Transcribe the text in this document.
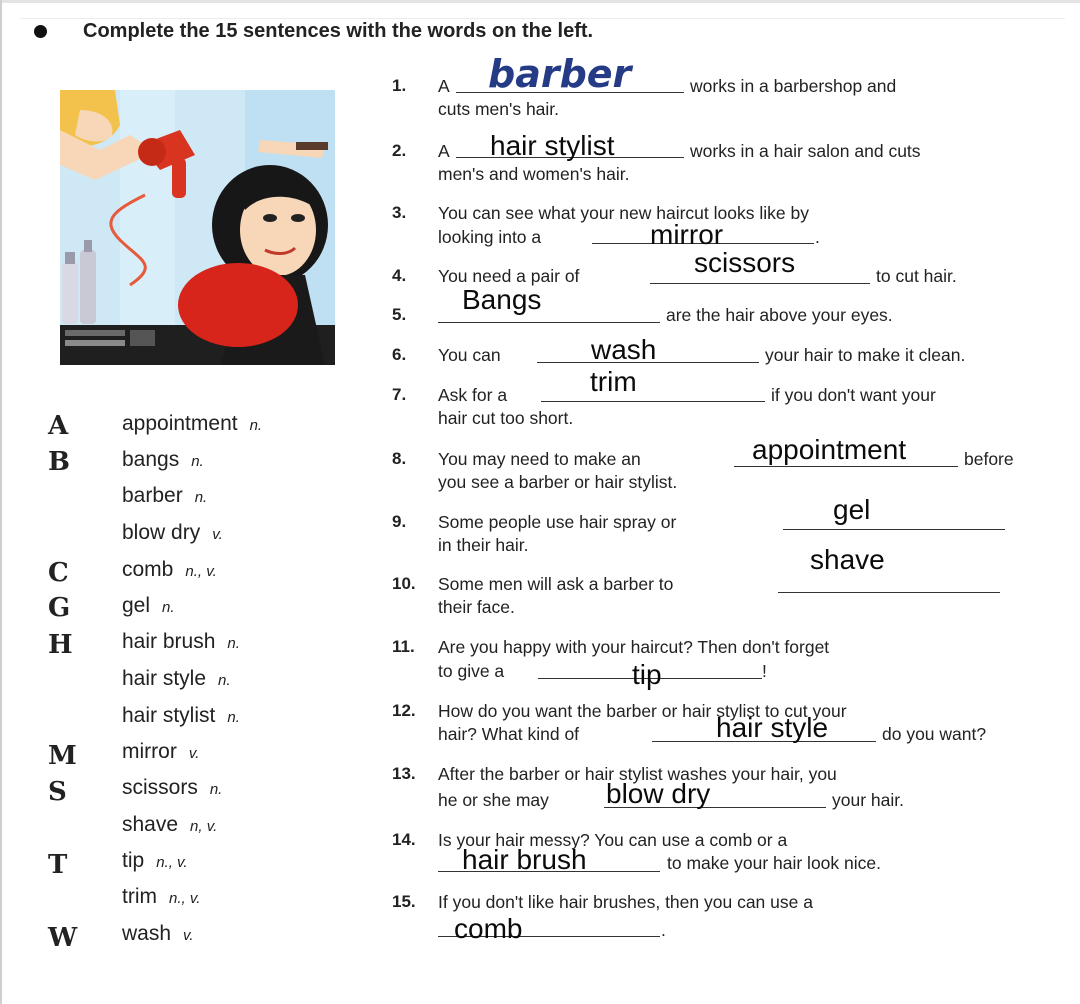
Complete the 15 sentences with the words on the left.
A	appointment n.
B	bangs n.
barber n.
blow dry v.
C	comb n., v.
G	gel n.
H	hair brush n.
hair style n.
hair stylist n.
M	mirror v.
S	scissors n.
shave n, v.
T	tip n., v.
trim n., v.
W	wash v.
1.	A barber	works in a barbershop and
cuts men's hair.
2.	A hair stylist	works in a hair salon and cuts
men's and women's hair.
3.	You can see what your new haircut looks like by
looking into a	mirror	.
4.	You need a pair of	scissors	to cut hair.
5.	Bangs	are the hair above your eyes.
6.	You can	wash	your hair to make it clean.
7.	Ask for a	trim	if you don't want your
hair cut too short.
8.	You may need to make an	appointment	before
you see a barber or hair stylist.
9.	Some people use hair spray or	gel
in their hair.
10.	Some men will ask a barber to
shave
their face.
11.	Are you happy with your haircut? Then don't forget
to give a	tip	!
12.	How do you want the barber or hair stylist to cut your
hair? What kind of	hair style	do you want?
13.	After the barber or hair stylist washes your hair, you
he or she may blow dry	your hair.
14.	Is your hair messy? You can use a comb or a
hair brush	to make your hair look nice.
15.	If you don't like hair brushes, then you can use a
comb	.
